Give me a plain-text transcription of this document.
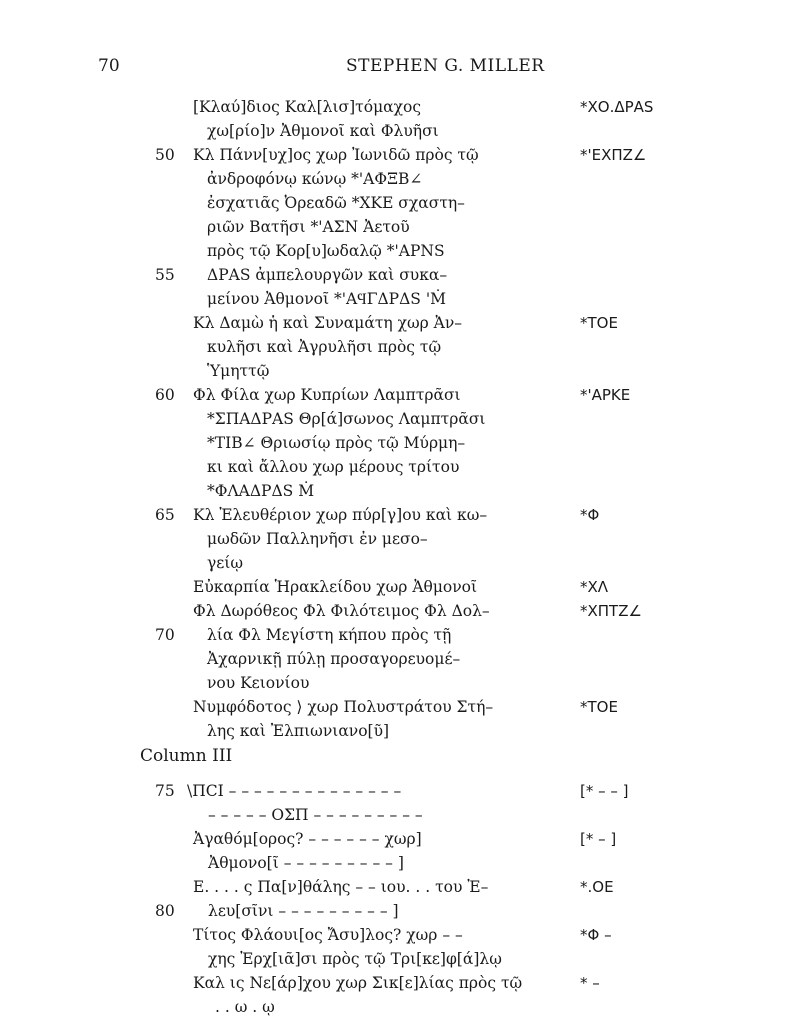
70	STEPHEN G. MILLER
[Κλαύ]διος Καλ[λισ]τόμαχος	*ΧΟ.ΔΡΑS
χω[ρίο]ν Ἀθμονοῖ καὶ Φλυῆσι
50	Κλ Πάνν[υχ]ος χωρ Ἰωνιδῶ πρὸς τῷ	*'ΕΧΠΖ∠
ἀνδροφόνῳ κώνῳ *'ΑΦΞΒ∠
ἐσχατιᾶς Ὀρεαδῶ *ΧΚΕ σχαστη–
ριῶν Βατῆσι *'ΑΣΝ Ἀετοῦ
πρὸς τῷ Κορ[υ]ωδαλῷ *'ΑΡΝS
55	ΔΡΑS ἀμπελουργῶν καὶ συκα–
μείνου Ἀθμονοῖ *'ΑϤΓΔΡΔS 'Ṁ
Κλ Δαμὼ ἡ καὶ Συναμάτη χωρ Ἀν–	*ΤΟΕ
κυλῆσι καὶ Ἀγρυλῆσι πρὸς τῷ
Ὑμηττῷ
60	Φλ Φίλα χωρ Κυπρίων Λαμπτρᾶσι	*'ΑΡΚΕ
*ΣΠΑΔΡΑS Θρ[ά]σωνος Λαμπτρᾶσι
*ΤΙΒ∠ Θριωσίῳ πρὸς τῷ Μύρμη–
κι καὶ ἄλλου χωρ μέρους τρίτου
*ΦΛΑΔΡΔS Ṁ
65	Κλ Ἐλευθέριον χωρ πύρ[γ]ου καὶ κω–	*Φ
μωδῶν Παλληνῆσι ἐν μεσο–
γείῳ
Εὐκαρπία Ἡρακλείδου χωρ Ἀθμονοῖ	*ΧΛ
Φλ Δωρόθεος Φλ Φιλότειμος Φλ Δολ–	*ΧΠΤΖ∠
70	λία Φλ Μεγίστη κήπου πρὸς τῇ
Ἀχαρνικῇ πύλῃ προσαγορευομέ–
νου Κειονίου
Νυμφόδοτος ⟩ χωρ Πολυστράτου Στή–	*ΤΟΕ
λης καὶ Ἐλπιωνιανο[ῦ]
75 \ΠCΙ – – – – – – – – – – – – – –	[* – – ]
– – – – – ΟΣΠ – – – – – – – – –
Ἀγαθόμ[ορος? – – – – – – χωρ]	[* – ]
Ἀθμονο[ῖ – – – – – – – – – ]
Ε. . . . ς Πα[ν]θάλης – – ιου. . . του Ἐ–	*.ΟΕ
80	λευ[σῖνι – – – – – – – – – ]
Τίτος Φλάουι[ος Ἄσυ]λος? χωρ – –	*Φ –
χης Ἐρχ[ιᾶ]σι πρὸς τῷ Τρι[κε]φ[ά]λῳ
Καλ ις Νε[άρ]χου χωρ Σικ[ε]λίας πρὸς τῷ	* –
. . ω . ῳ
Column III
